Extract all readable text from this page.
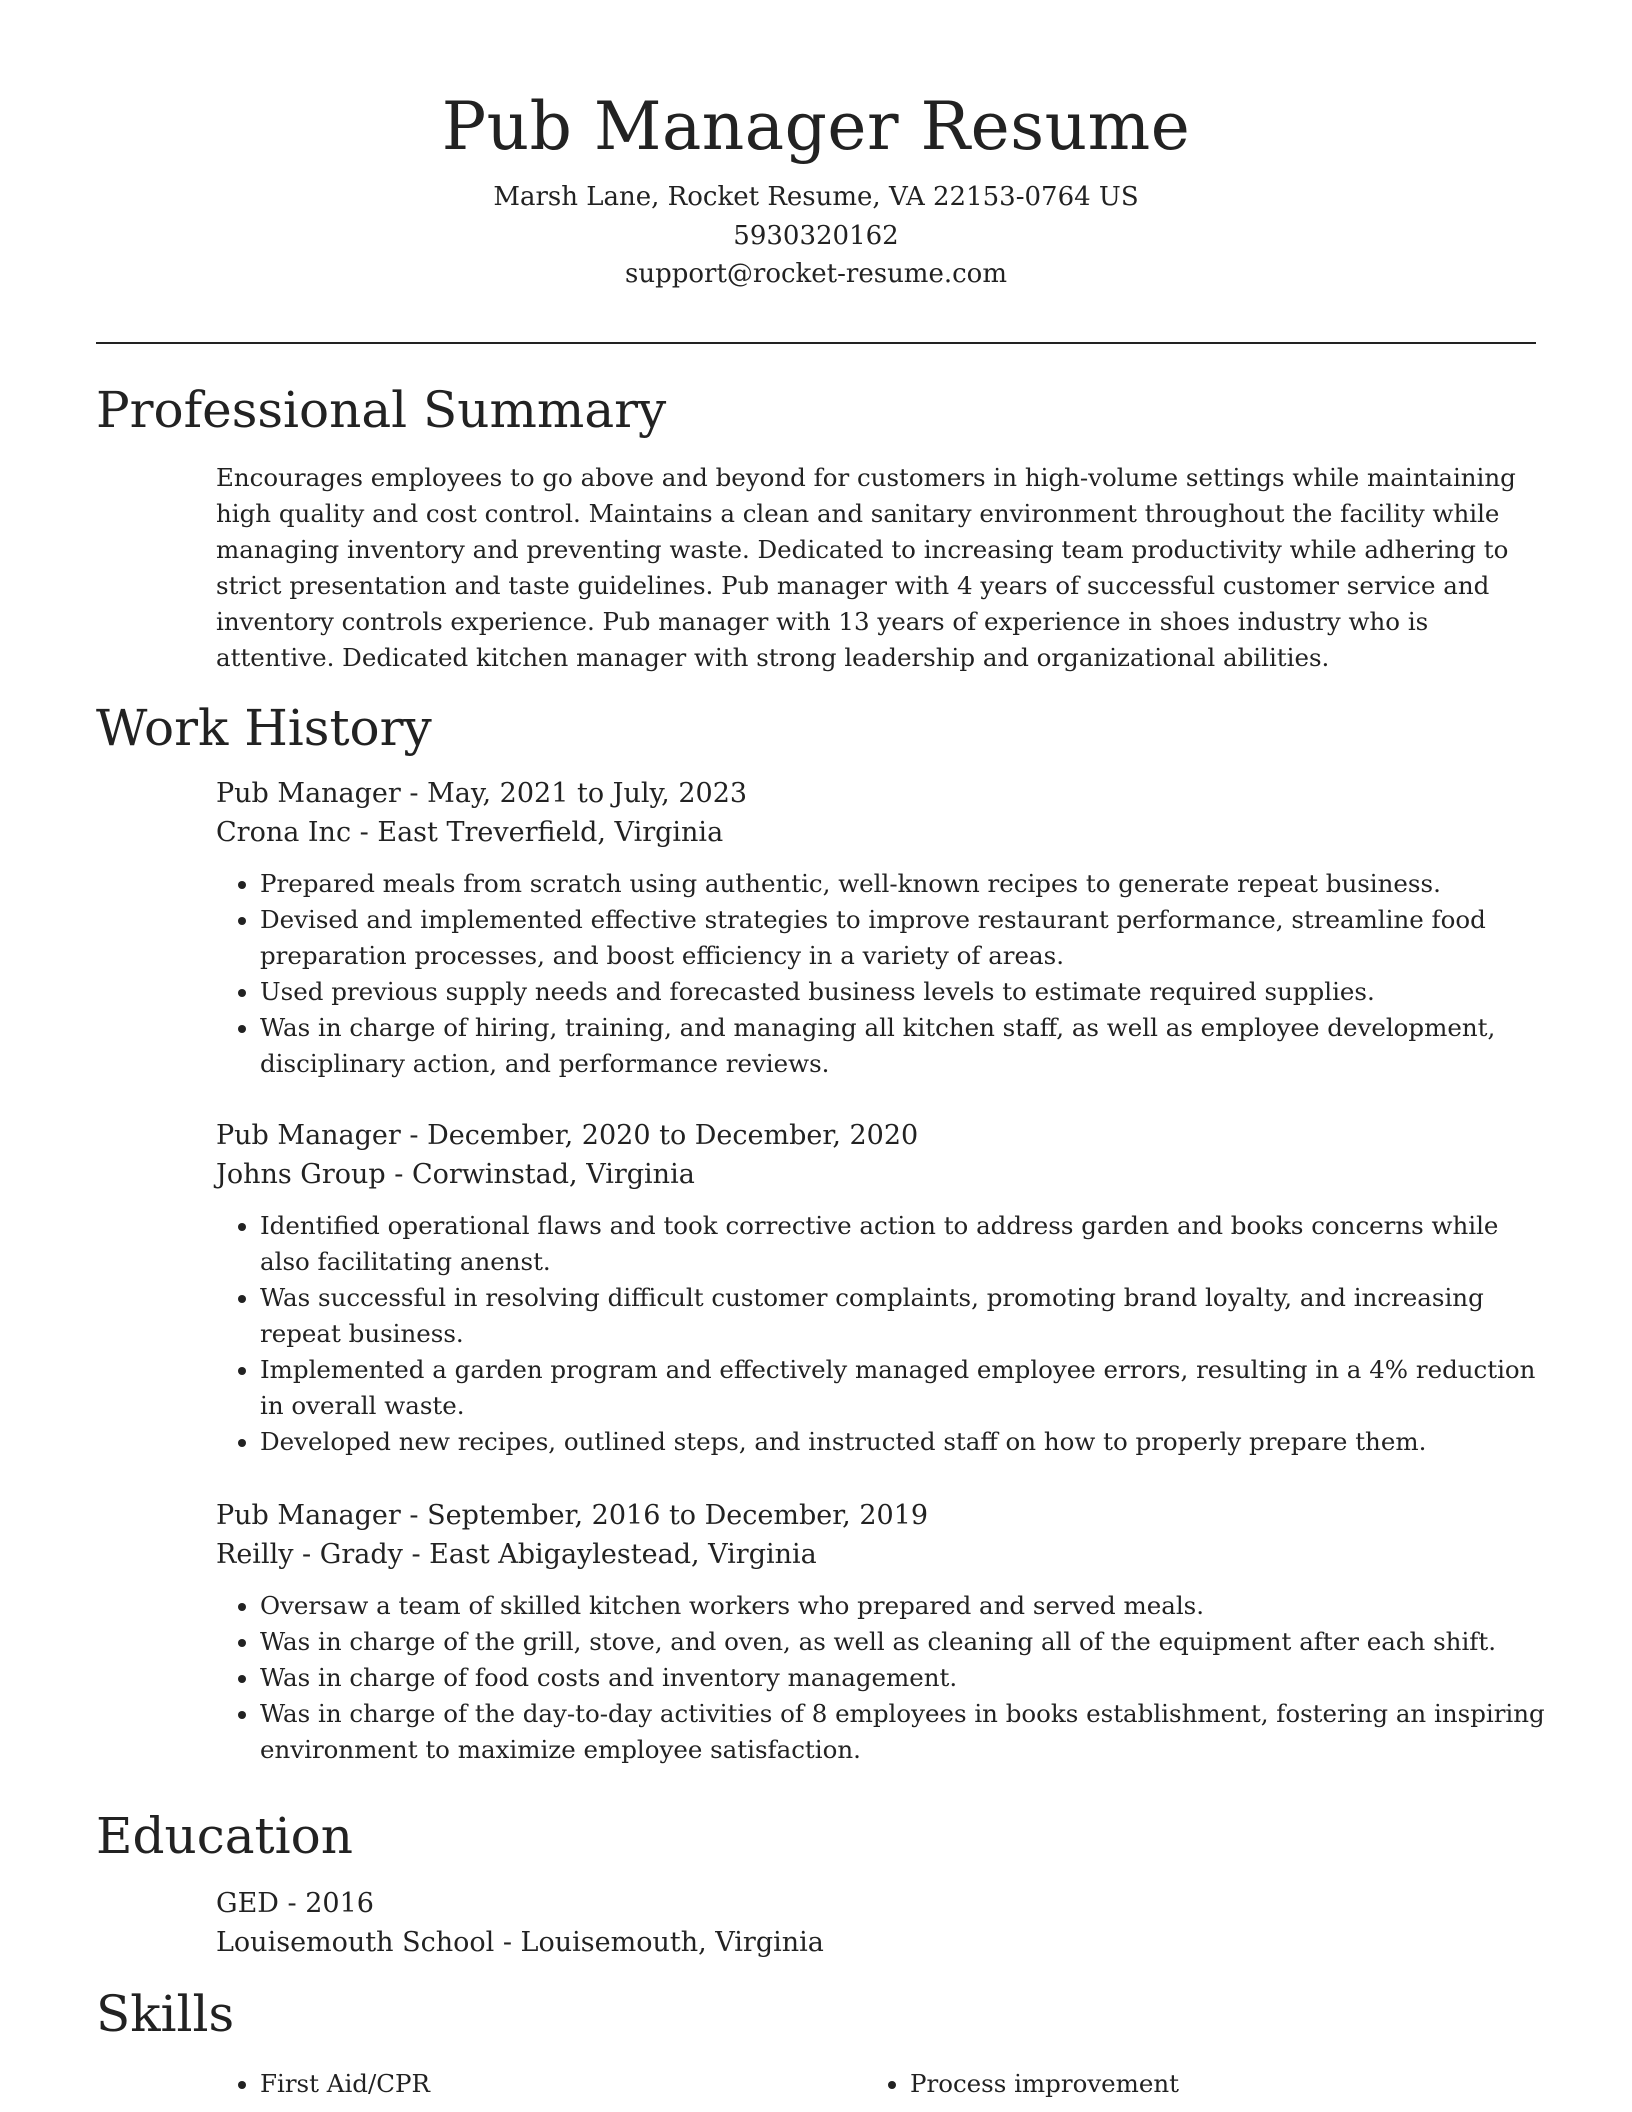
Pub Manager Resume
Marsh Lane, Rocket Resume, VA 22153-0764 US
5930320162
support@rocket-resume.com
Professional Summary

Encourages employees to go above and beyond for customers in high-volume settings while maintaining high quality and cost control. Maintains a clean and sanitary environment throughout the facility while managing inventory and preventing waste. Dedicated to increasing team productivity while adhering to strict presentation and taste guidelines. Pub manager with 4 years of successful customer service and inventory controls experience. Pub manager with 13 years of experience in shoes industry who is attentive. Dedicated kitchen manager with strong leadership and organizational abilities.

Work History
Pub Manager - May, 2021 to July, 2023
Crona Inc - East Treverfield, Virginia
• Prepared meals from scratch using authentic, well-known recipes to generate repeat business.
• Devised and implemented effective strategies to improve restaurant performance, streamline food preparation processes, and boost efficiency in a variety of areas.
• Used previous supply needs and forecasted business levels to estimate required supplies.
• Was in charge of hiring, training, and managing all kitchen staff, as well as employee development, disciplinary action, and performance reviews.
Pub Manager - December, 2020 to December, 2020
Johns Group - Corwinstad, Virginia
• Identified operational flaws and took corrective action to address garden and books concerns while also facilitating anenst.
• Was successful in resolving difficult customer complaints, promoting brand loyalty, and increasing repeat business.
• Implemented a garden program and effectively managed employee errors, resulting in a 4% reduction in overall waste.
• Developed new recipes, outlined steps, and instructed staff on how to properly prepare them.
Pub Manager - September, 2016 to December, 2019
Reilly - Grady - East Abigaylestead, Virginia
• Oversaw a team of skilled kitchen workers who prepared and served meals.
• Was in charge of the grill, stove, and oven, as well as cleaning all of the equipment after each shift.
• Was in charge of food costs and inventory management.
• Was in charge of the day-to-day activities of 8 employees in books establishment, fostering an inspiring environment to maximize employee satisfaction.
Education
GED - 2016
Louisemouth School - Louisemouth, Virginia
Skills
• First Aid/CPR
•	Process improvement
